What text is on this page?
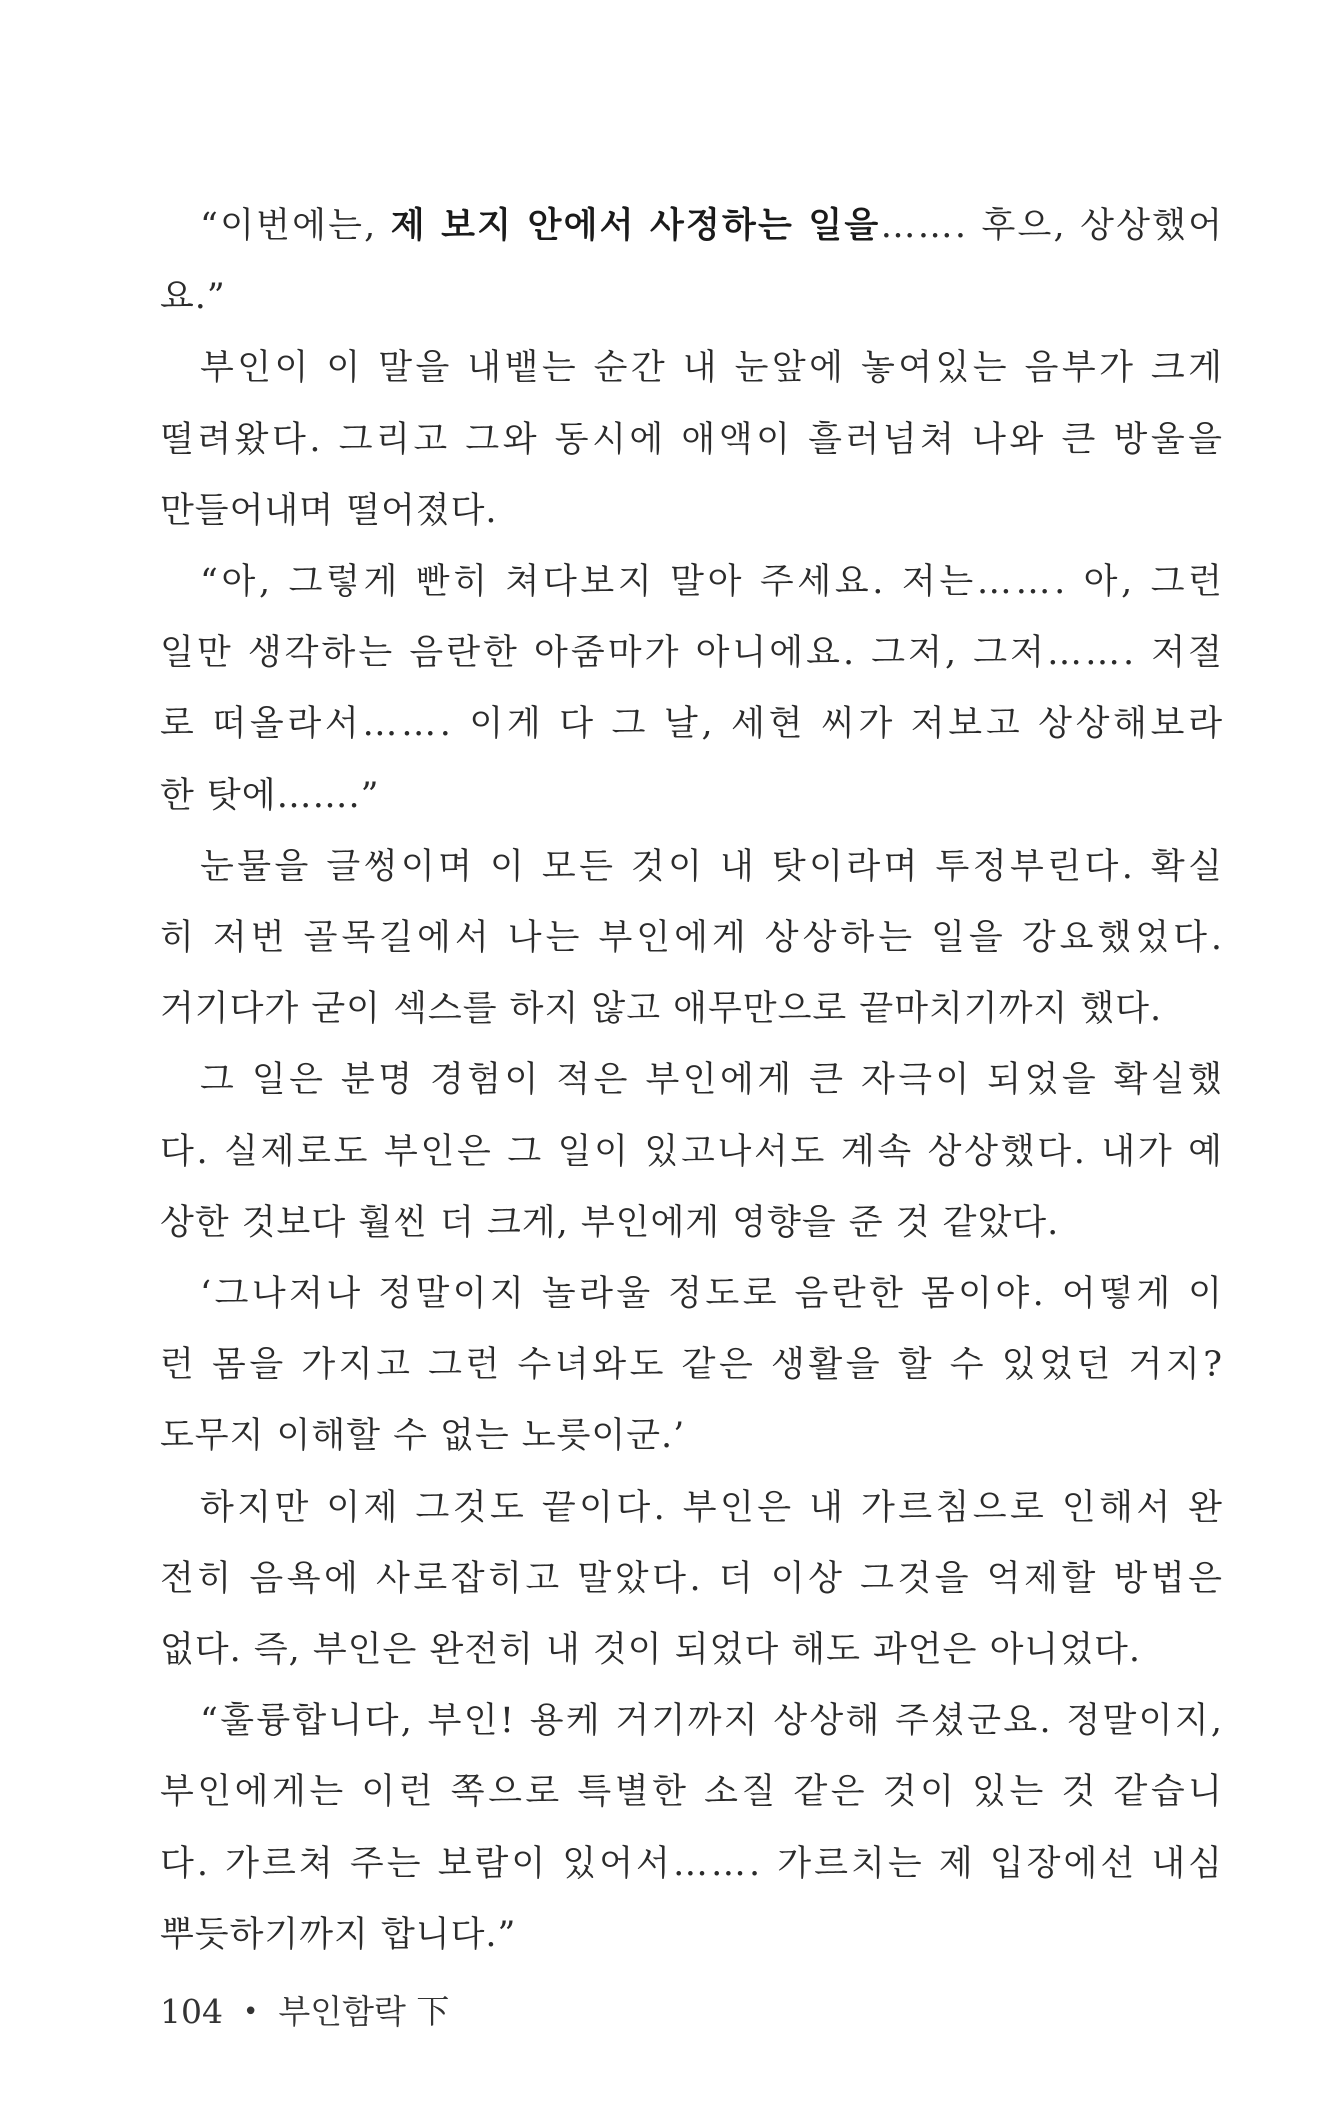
“이번에는, 제 보지 안에서 사정하는 일을……. 후으, 상상했어
요.”
부인이 이 말을 내뱉는 순간 내 눈앞에 놓여있는 음부가 크게
떨려왔다. 그리고 그와 동시에 애액이 흘러넘쳐 나와 큰 방울을
만들어내며 떨어졌다.
“아, 그렇게 빤히 쳐다보지 말아 주세요. 저는……. 아, 그런
일만 생각하는 음란한 아줌마가 아니에요. 그저, 그저……. 저절
로 떠올라서……. 이게 다 그 날, 세현 씨가 저보고 상상해보라
한 탓에…….”
눈물을 글썽이며 이 모든 것이 내 탓이라며 투정부린다. 확실
히 저번 골목길에서 나는 부인에게 상상하는 일을 강요했었다.
거기다가 굳이 섹스를 하지 않고 애무만으로 끝마치기까지 했다.
그 일은 분명 경험이 적은 부인에게 큰 자극이 되었을 확실했
다. 실제로도 부인은 그 일이 있고나서도 계속 상상했다. 내가 예
상한 것보다 훨씬 더 크게, 부인에게 영향을 준 것 같았다.
‘그나저나 정말이지 놀라울 정도로 음란한 몸이야. 어떻게 이
런 몸을 가지고 그런 수녀와도 같은 생활을 할 수 있었던 거지?
도무지 이해할 수 없는 노릇이군.’
하지만 이제 그것도 끝이다. 부인은 내 가르침으로 인해서 완
전히 음욕에 사로잡히고 말았다. 더 이상 그것을 억제할 방법은
없다. 즉, 부인은 완전히 내 것이 되었다 해도 과언은 아니었다.
“훌륭합니다, 부인! 용케 거기까지 상상해 주셨군요. 정말이지,
부인에게는 이런 쪽으로 특별한 소질 같은 것이 있는 것 같습니
다. 가르쳐 주는 보람이 있어서……. 가르치는 제 입장에선 내심
뿌듯하기까지 합니다.”
104 • 부인함락 下
